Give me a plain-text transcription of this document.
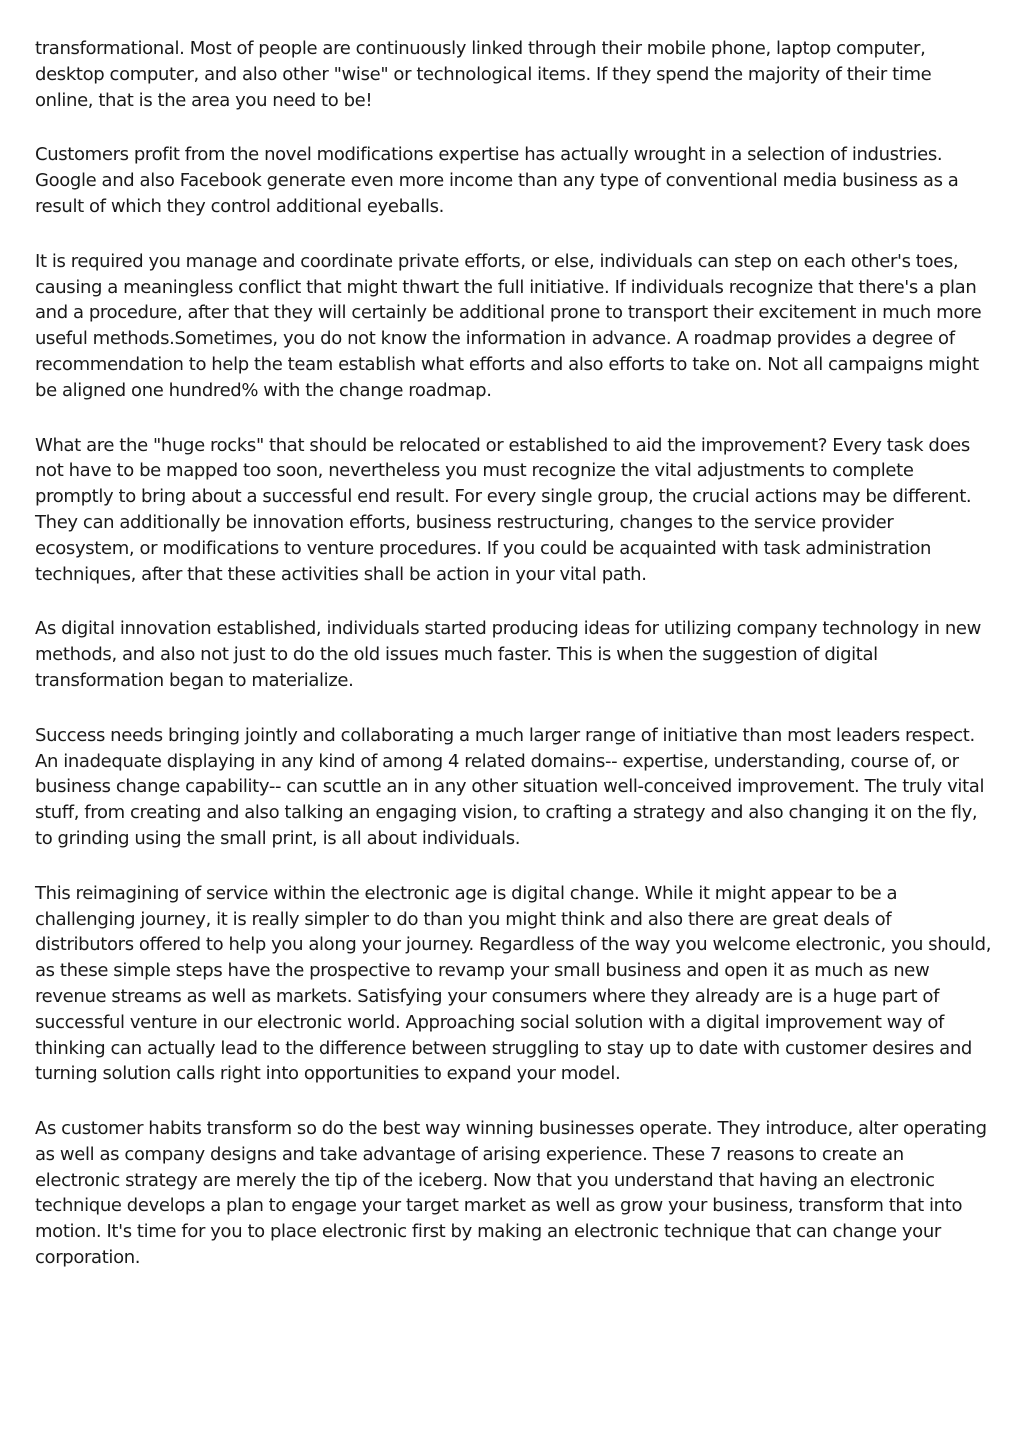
transformational. Most of people are continuously linked through their mobile phone, laptop computer, desktop computer, and also other "wise" or technological items. If they spend the majority of their time online, that is the area you need to be!

Customers profit from the novel modifications expertise has actually wrought in a selection of industries. Google and also Facebook generate even more income than any type of conventional media business as a result of which they control additional eyeballs.

It is required you manage and coordinate private efforts, or else, individuals can step on each other's toes, causing a meaningless conflict that might thwart the full initiative. If individuals recognize that there's a plan and a procedure, after that they will certainly be additional prone to transport their excitement in much more useful methods.Sometimes, you do not know the information in advance. A roadmap provides a degree of recommendation to help the team establish what efforts and also efforts to take on. Not all campaigns might be aligned one hundred% with the change roadmap.

What are the "huge rocks" that should be relocated or established to aid the improvement? Every task does not have to be mapped too soon, nevertheless you must recognize the vital adjustments to complete promptly to bring about a successful end result. For every single group, the crucial actions may be different. They can additionally be innovation efforts, business restructuring, changes to the service provider ecosystem, or modifications to venture procedures. If you could be acquainted with task administration techniques, after that these activities shall be action in your vital path.

As digital innovation established, individuals started producing ideas for utilizing company technology in new methods, and also not just to do the old issues much faster. This is when the suggestion of digital transformation began to materialize.

Success needs bringing jointly and collaborating a much larger range of initiative than most leaders respect. An inadequate displaying in any kind of among 4 related domains-- expertise, understanding, course of, or business change capability-- can scuttle an in any other situation well-conceived improvement. The truly vital stuff, from creating and also talking an engaging vision, to crafting a strategy and also changing it on the fly, to grinding using the small print, is all about individuals.

This reimagining of service within the electronic age is digital change. While it might appear to be a challenging journey, it is really simpler to do than you might think and also there are great deals of distributors offered to help you along your journey. Regardless of the way you welcome electronic, you should, as these simple steps have the prospective to revamp your small business and open it as much as new revenue streams as well as markets. Satisfying your consumers where they already are is a huge part of successful venture in our electronic world. Approaching social solution with a digital improvement way of thinking can actually lead to the difference between struggling to stay up to date with customer desires and turning solution calls right into opportunities to expand your model.

As customer habits transform so do the best way winning businesses operate. They introduce, alter operating as well as company designs and take advantage of arising experience. These 7 reasons to create an electronic strategy are merely the tip of the iceberg. Now that you understand that having an electronic technique develops a plan to engage your target market as well as grow your business, transform that into motion. It's time for you to place electronic first by making an electronic technique that can change your corporation.
